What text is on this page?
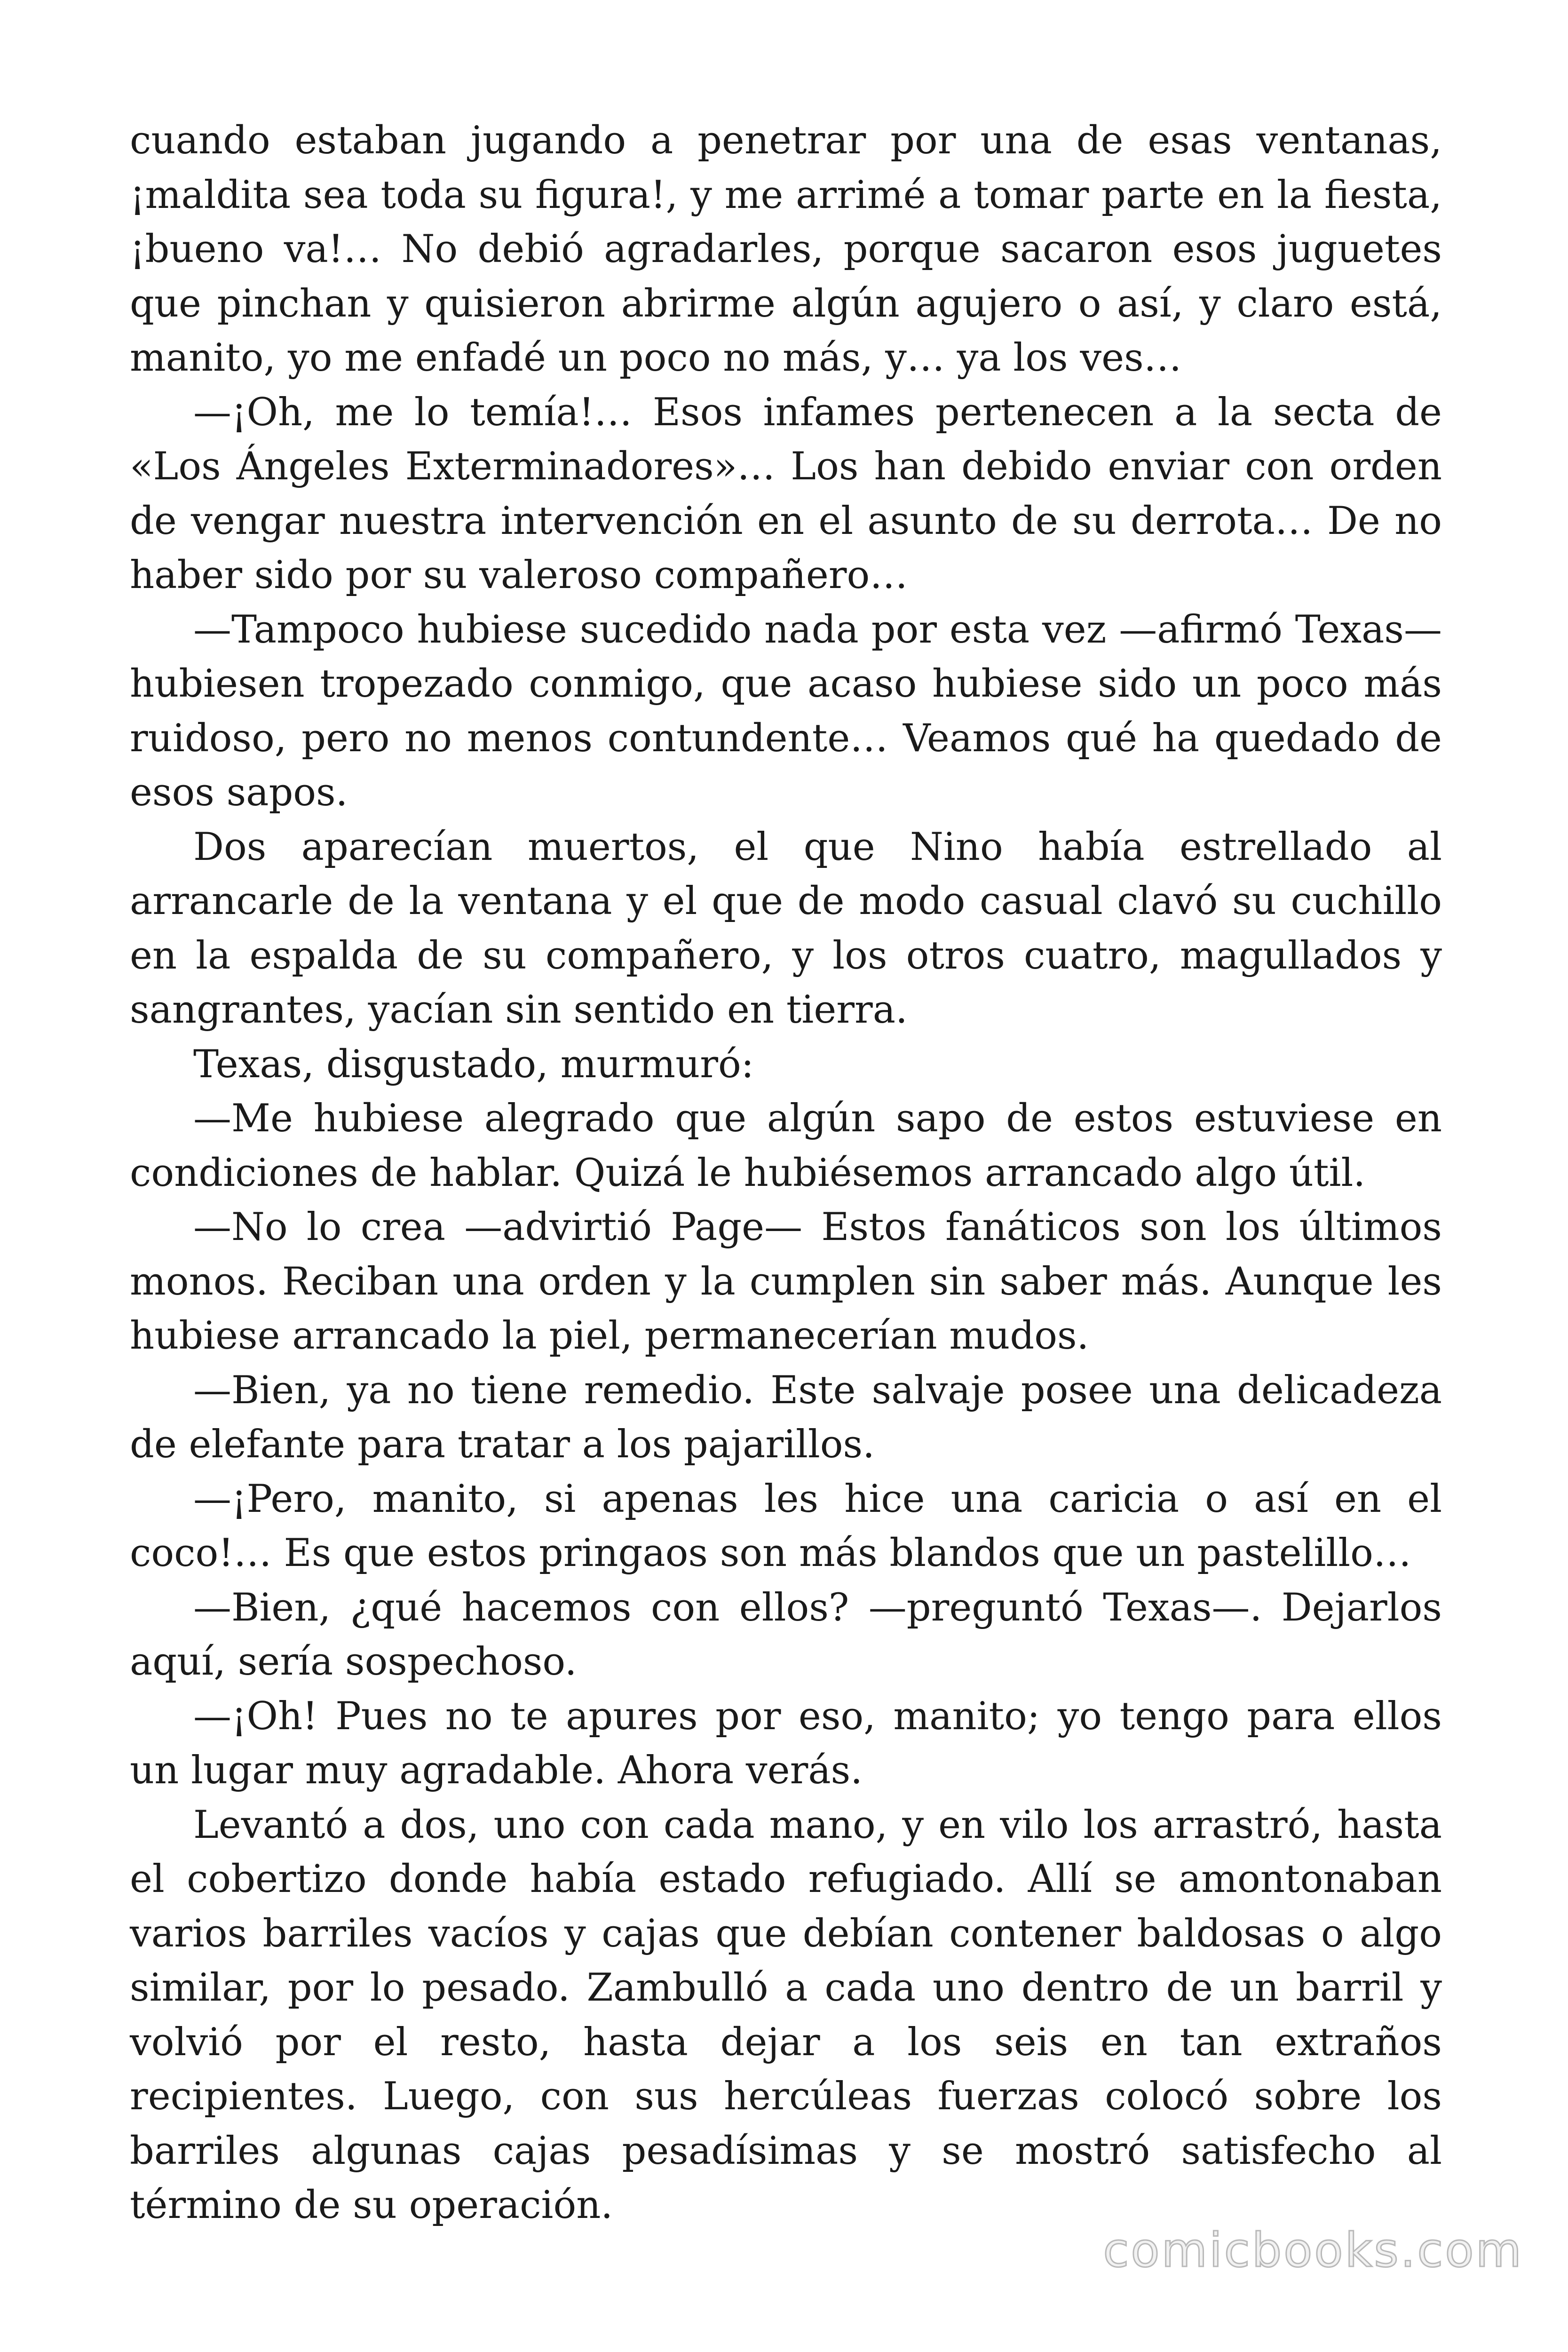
cuando estaban jugando a penetrar por una de esas ventanas, ¡maldita sea toda su figura!, y me arrimé a tomar parte en la fiesta, ¡bueno va!… No debió agradarles, porque sacaron esos juguetes que pinchan y quisieron abrirme algún agujero o así, y claro está, manito, yo me enfadé un poco no más, y… ya los ves…

—¡Oh, me lo temía!… Esos infames pertenecen a la secta de «Los Ángeles Exterminadores»… Los han debido enviar con orden de vengar nuestra intervención en el asunto de su derrota… De no haber sido por su valeroso compañero…

—Tampoco hubiese sucedido nada por esta vez —afirmó Texas— hubiesen tropezado conmigo, que acaso hubiese sido un poco más ruidoso, pero no menos contundente… Veamos qué ha quedado de esos sapos.

Dos aparecían muertos, el que Nino había estrellado al arrancarle de la ventana y el que de modo casual clavó su cuchillo en la espalda de su compañero, y los otros cuatro, magullados y sangrantes, yacían sin sentido en tierra.

Texas, disgustado, murmuró:

—Me hubiese alegrado que algún sapo de estos estuviese en condiciones de hablar. Quizá le hubiésemos arrancado algo útil.

—No lo crea —advirtió Page— Estos fanáticos son los últimos monos. Reciban una orden y la cumplen sin saber más. Aunque les hubiese arrancado la piel, permanecerían mudos.

—Bien, ya no tiene remedio. Este salvaje posee una delicadeza de elefante para tratar a los pajarillos.

—¡Pero, manito, si apenas les hice una caricia o así en el coco!… Es que estos pringaos son más blandos que un pastelillo…

—Bien, ¿qué hacemos con ellos? —preguntó Texas—. Dejarlos aquí, sería sospechoso.

—¡Oh! Pues no te apures por eso, manito; yo tengo para ellos un lugar muy agradable. Ahora verás.

Levantó a dos, uno con cada mano, y en vilo los arrastró, hasta el cobertizo donde había estado refugiado. Allí se amontonaban varios barriles vacíos y cajas que debían contener baldosas o algo similar, por lo pesado. Zambulló a cada uno dentro de un barril y volvió por el resto, hasta dejar a los seis en tan extraños recipientes. Luego, con sus hercúleas fuerzas colocó sobre los barriles algunas cajas pesadísimas y se mostró satisfecho al término de su operación.

comicbooks.com
